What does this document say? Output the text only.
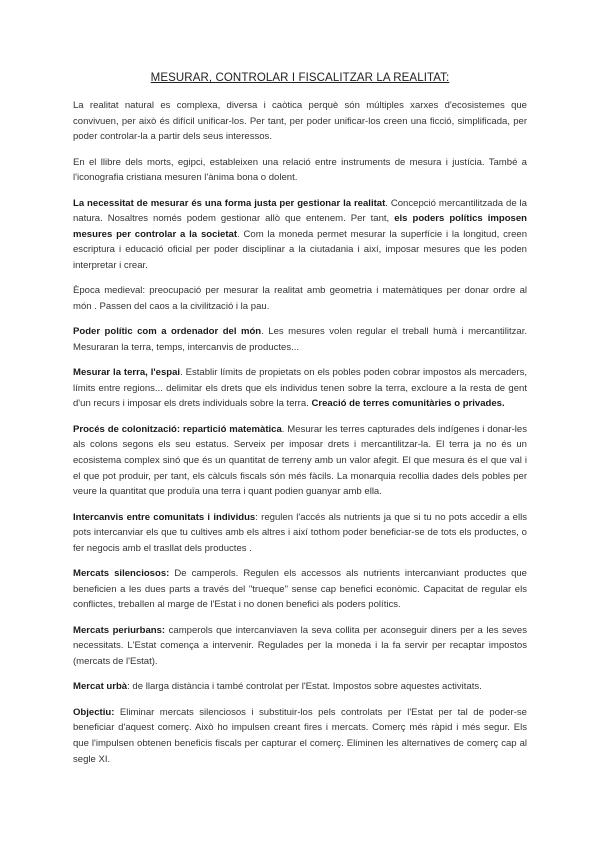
MESURAR, CONTROLAR I FISCALITZAR LA REALITAT:

La realitat natural es complexa, diversa i caòtica perquè són múltiples xarxes d'ecosistemes que convivuen, per això és difícil unificar-los. Per tant, per poder unificar-los creen una ficció, simplificada, per poder controlar-la a partir dels seus interessos.

En el llibre dels morts, egipci, estableixen una relació entre instruments de mesura i justícia. També a l'iconografia cristiana mesuren l'ànima bona o dolent.

La necessitat de mesurar és una forma justa per gestionar la realitat. Concepció mercantilitzada de la natura. Nosaltres només podem gestionar allò que entenem. Per tant, els poders polítics imposen mesures per controlar a la societat. Com la moneda permet mesurar la superfície i la longitud, creen escriptura i educació oficial per poder disciplinar a la ciutadania i així, imposar mesures que les poden interpretar i crear.

Època medieval: preocupació per mesurar la realitat amb geometria i matemàtiques per donar ordre al món . Passen del caos a la civilització i la pau.

Poder polític com a ordenador del món. Les mesures volen regular el treball humà i mercantilitzar. Mesuraran la terra, temps, intercanvis de productes...

Mesurar la terra, l'espai. Establir límits de propietats on els pobles poden cobrar impostos als mercaders, límits entre regions... delimitar els drets que els individus tenen sobre la terra, excloure a la resta de gent d'un recurs i imposar els drets individuals sobre la terra. Creació de terres comunitàries o privades.

Procés de colonització: repartició matemàtica. Mesurar les terres capturades dels indígenes i donar-les als colons segons els seu estatus. Serveix per imposar drets i mercantilitzar-la. El terra ja no és un ecosistema complex sinó que és un quantitat de terreny amb un valor afegit. El que mesura és el que val i el que pot produir, per tant, els càlculs fiscals són més fàcils. La monarquia recollia dades dels pobles per veure la quantitat que produïa una terra i quant podien guanyar amb ella.

Intercanvis entre comunitats i individus: regulen l'accés als nutrients ja que si tu no pots accedir a ells pots intercanviar els que tu cultives amb els altres i així tothom poder beneficiar-se de tots els productes, o fer negocis amb el trasllat dels productes .

Mercats silenciosos: De camperols. Regulen els accessos als nutrients intercanviant productes que beneficien a les dues parts a través del "trueque" sense cap benefici econòmic. Capacitat de regular els conflictes, treballen al marge de l'Estat i no donen benefici als poders polítics.

Mercats periurbans: camperols que intercanviaven la seva collita per aconseguir diners per a les seves necessitats. L'Estat comença a intervenir. Regulades per la moneda i la fa servir per recaptar impostos (mercats de l'Estat).

Mercat urbà: de llarga distància i també controlat per l'Estat. Impostos sobre aquestes activitats.

Objectiu: Eliminar mercats silenciosos i substituir-los pels controlats per l'Estat per tal de poder-se beneficiar d'aquest comerç. Això ho impulsen creant fires i mercats. Comerç més ràpid i més segur. Els que l'impulsen obtenen beneficis fiscals per capturar el comerç. Eliminen les alternatives de comerç cap al segle XI.
